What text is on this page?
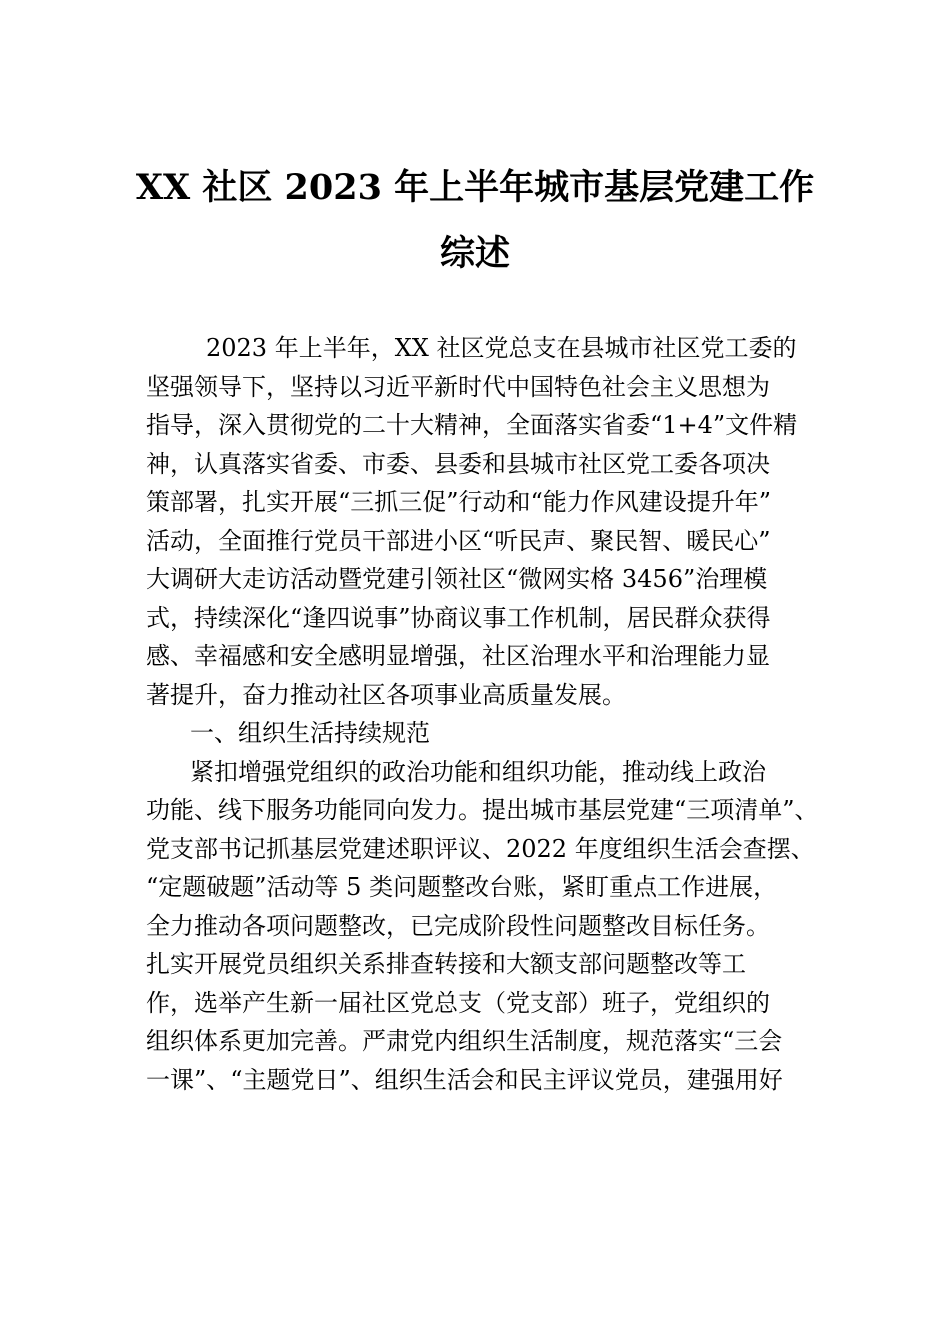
XX 社区 2023 年上半年城市基层党建工作
综述
2023 年上半年，XX 社区党总支在县城市社区党工委的
坚强领导下，坚持以习近平新时代中国特色社会主义思想为
指导，深入贯彻党的二十大精神，全面落实省委“1+4”文件精
神，认真落实省委、市委、县委和县城市社区党工委各项决
策部署，扎实开展“三抓三促”行动和“能力作风建设提升年”
活动，全面推行党员干部进小区“听民声、聚民智、暖民心”
大调研大走访活动暨党建引领社区“微网实格 3456”治理模
式，持续深化“逢四说事”协商议事工作机制，居民群众获得
感、幸福感和安全感明显增强，社区治理水平和治理能力显
著提升，奋力推动社区各项事业高质量发展。
一、组织生活持续规范
紧扣增强党组织的政治功能和组织功能，推动线上政治
功能、线下服务功能同向发力。提出城市基层党建“三项清单”、
党支部书记抓基层党建述职评议、2022 年度组织生活会查摆、
“定题破题”活动等 5 类问题整改台账，紧盯重点工作进展，
全力推动各项问题整改，已完成阶段性问题整改目标任务。
扎实开展党员组织关系排查转接和大额支部问题整改等工
作，选举产生新一届社区党总支（党支部）班子，党组织的
组织体系更加完善。严肃党内组织生活制度，规范落实“三会
一课”、“主题党日”、组织生活会和民主评议党员，建强用好
